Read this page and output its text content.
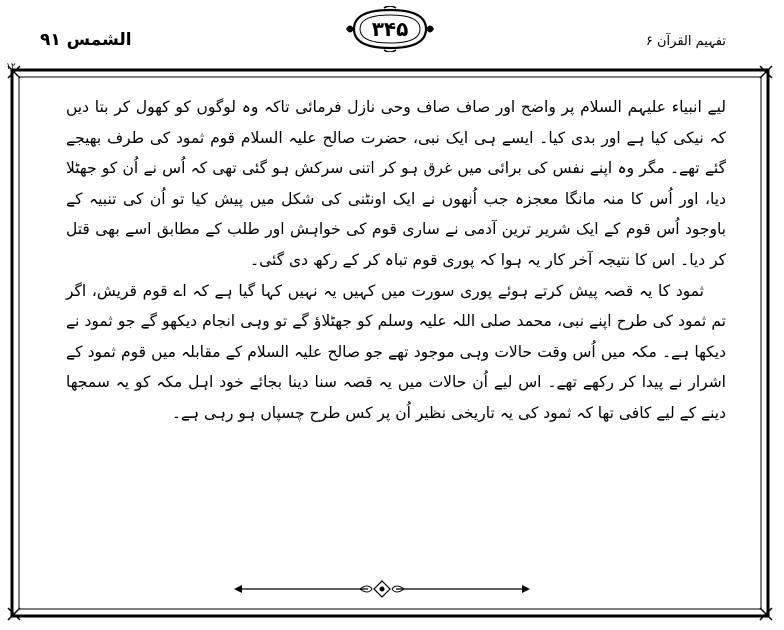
الشمس ۹۱	۳۴۵
تفہیم القرآن ۶
۱۲

لیے انبیاء علیہم السلام پر واضح اور صاف صاف وحی نازل فرمائی تاکہ وہ لوگوں کو کھول کر بتا دیں کہ نیکی کیا ہے اور بدی کیا۔ ایسے ہی ایک نبی، حضرت صالح علیہ السلام قوم ثمود کی طرف بھیجے گئے تھے۔ مگر وہ اپنے نفس کی برائی میں غرق ہو کر اتنی سرکش ہو گئی تھی کہ اُس نے اُن کو جھٹلا دیا، اور اُس کا منہ مانگا معجزہ جب اُنھوں نے ایک اونٹنی کی شکل میں پیش کیا تو اُن کی تنبیہ کے باوجود اُس قوم کے ایک شریر ترین آدمی نے ساری قوم کی خواہش اور طلب کے مطابق اسے بھی قتل کر دیا۔ اس کا نتیجہ آخر کار یہ ہوا کہ پوری قوم تباہ کر کے رکھ دی گئی۔

ثمود کا یہ قصہ پیش کرتے ہوئے پوری سورت میں کہیں یہ نہیں کہا گیا ہے کہ اے قوم قریش، اگر تم ثمود کی طرح اپنے نبی، محمد صلی اللہ علیہ وسلم کو جھٹلاؤ گے تو وہی انجام دیکھو گے جو ثمود نے دیکھا ہے۔ مکہ میں اُس وقت حالات وہی موجود تھے جو صالح علیہ السلام کے مقابلہ میں قوم ثمود کے اشرار نے پیدا کر رکھے تھے۔ اس لیے اُن حالات میں یہ قصہ سنا دینا بجائے خود اہل مکہ کو یہ سمجھا دینے کے لیے کافی تھا کہ ثمود کی یہ تاریخی نظیر اُن پر کس طرح چسپاں ہو رہی ہے۔
